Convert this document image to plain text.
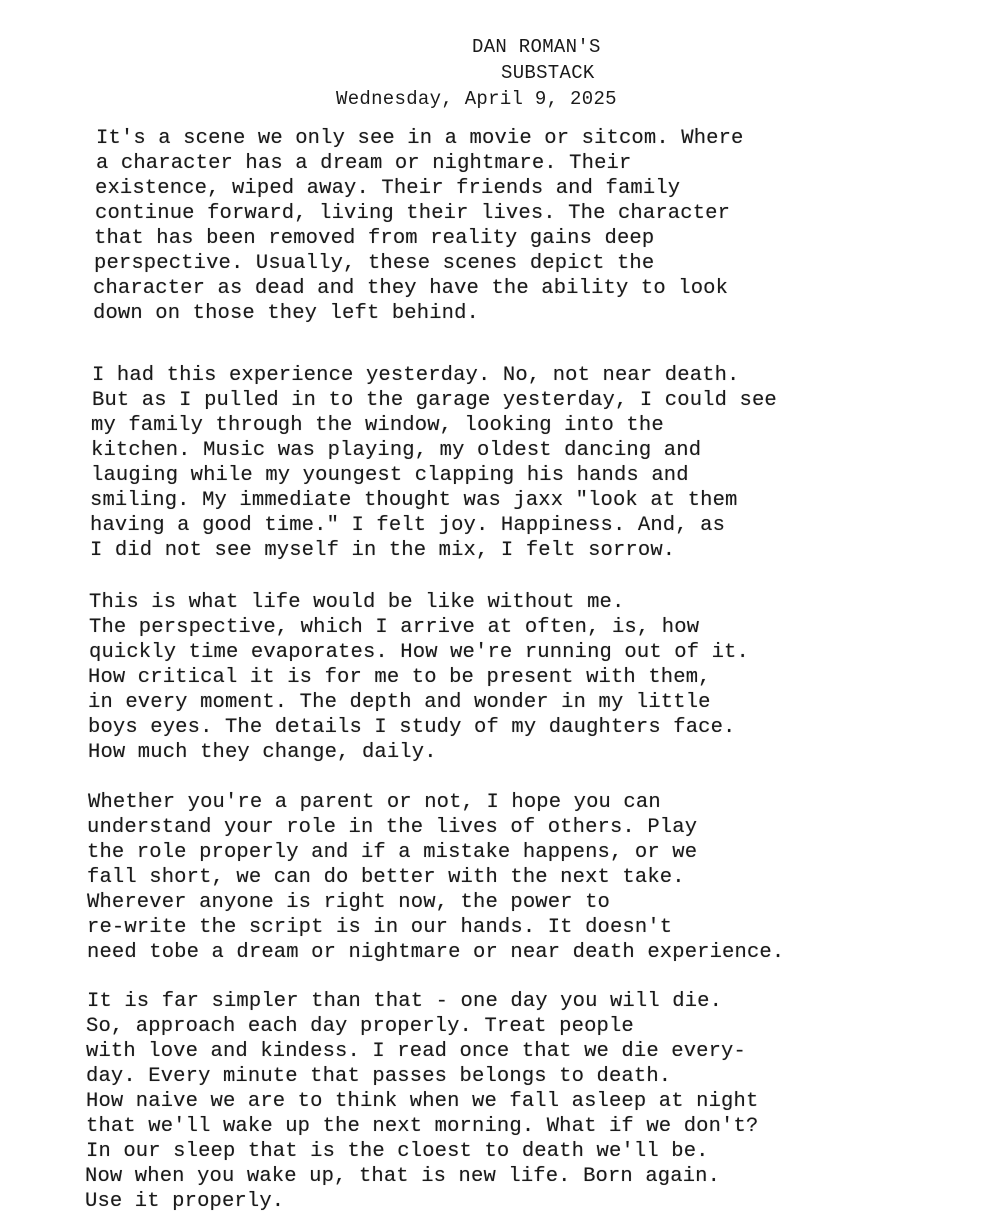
DAN ROMAN'S
SUBSTACK
Wednesday, April 9, 2025
It's a scene we only see in a movie or sitcom. Where
a character has a dream or nightmare. Their
existence, wiped away. Their friends and family
continue forward, living their lives. The character
that has been removed from reality gains deep
perspective. Usually, these scenes depict the
character as dead and they have the ability to look
down on those they left behind.
I had this experience yesterday. No, not near death.
But as I pulled in to the garage yesterday, I could see
my family through the window, looking into the
kitchen. Music was playing, my oldest dancing and
lauging while my youngest clapping his hands and
smiling. My immediate thought was jaxx "look at them
having a good time." I felt joy. Happiness. And, as
I did not see myself in the mix, I felt sorrow.
This is what life would be like without me.
The perspective, which I arrive at often, is, how
quickly time evaporates. How we're running out of it.
How critical it is for me to be present with them,
in every moment. The depth and wonder in my little
boys eyes. The details I study of my daughters face.
How much they change, daily.
Whether you're a parent or not, I hope you can
understand your role in the lives of others. Play
the role properly and if a mistake happens, or we
fall short, we can do better with the next take.
Wherever anyone is right now, the power to
re-write the script is in our hands. It doesn't
need tobe a dream or nightmare or near death experience.
It is far simpler than that - one day you will die.
So, approach each day properly. Treat people
with love and kindess. I read once that we die every-
day. Every minute that passes belongs to death.
How naive we are to think when we fall asleep at night
that we'll wake up the next morning. What if we don't?
In our sleep that is the cloest to death we'll be.
Now when you wake up, that is new life. Born again.
Use it properly.
